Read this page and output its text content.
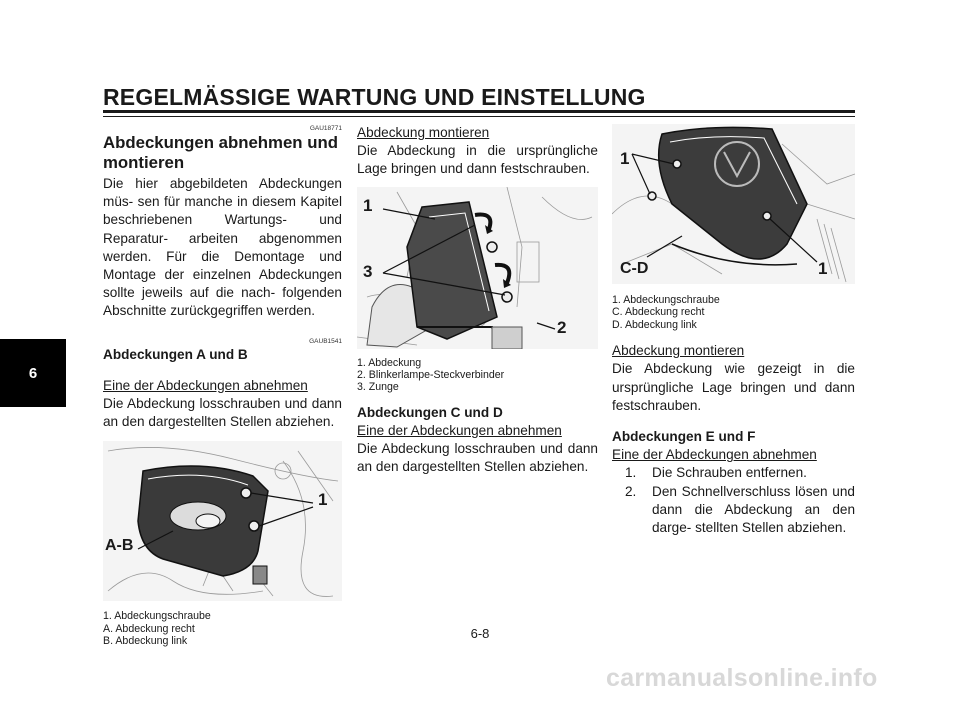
REGELMÄSSIGE WARTUNG UND EINSTELLUNG
6

GAU18771

Abdeckungen abnehmen und montieren

Die hier abgebildeten Abdeckungen müs- sen für manche in diesem Kapitel beschriebenen Wartungs- und Reparatur- arbeiten abgenommen werden. Für die Demontage und Montage der einzelnen Abdeckungen sollte jeweils auf die nach- folgenden Abschnitte zurückgegriffen werden.

GAUB1541

Abdeckungen A und B

Eine der Abdeckungen abnehmen

Die Abdeckung losschrauben und dann an den dargestellten Stellen abziehen.

1
A-B
1. Abdeckungschraube
A. Abdeckung recht
B. Abdeckung link

Abdeckung montieren

Die Abdeckung in die ursprüngliche Lage bringen und dann festschrauben.

1
3
2
1. Abdeckung
2. Blinkerlampe-Steckverbinder
3. Zunge
Abdeckungen C und D

Eine der Abdeckungen abnehmen

Die Abdeckung losschrauben und dann an den dargestellten Stellen abziehen.

1
1
C-D
1. Abdeckungschraube
C. Abdeckung recht
D. Abdeckung link

Abdeckung montieren

Die Abdeckung wie gezeigt in die ursprüngliche Lage bringen und dann festschrauben.

Abdeckungen E und F

Eine der Abdeckungen abnehmen

1. Die Schrauben entfernen.
2. Den Schnellverschluss lösen und dann die Abdeckung an den darge- stellten Stellen abziehen.
6-8
carmanualsonline.info
